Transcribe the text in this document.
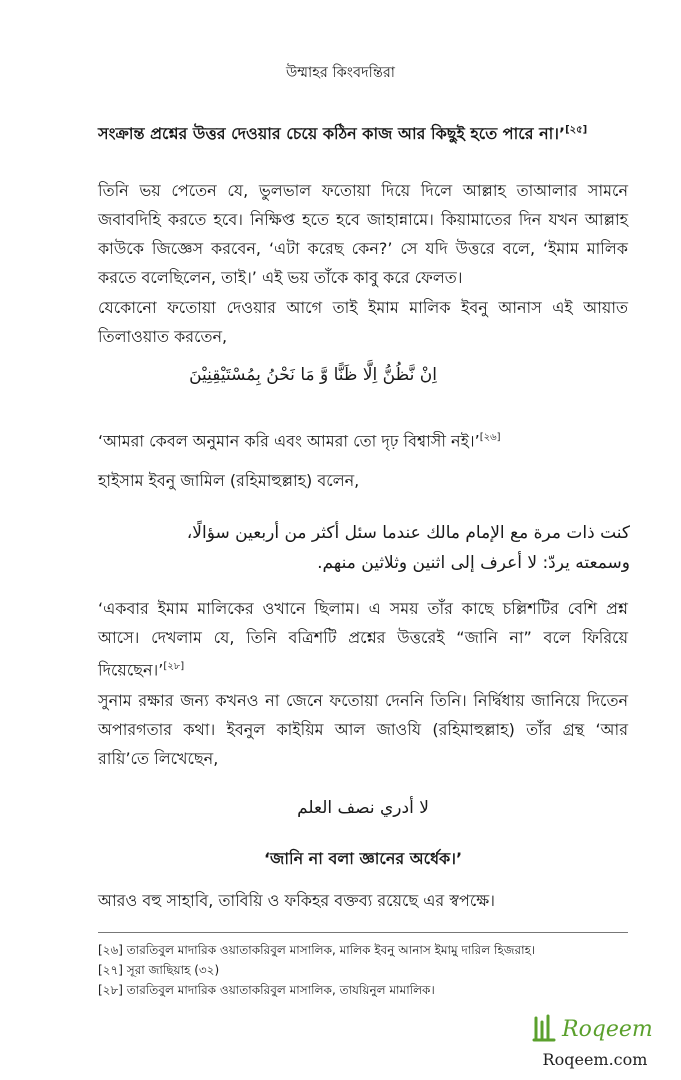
উম্মাহর কিংবদন্তিরা
সংক্রান্ত প্রশ্নের উত্তর দেওয়ার চেয়ে কঠিন কাজ আর কিছুই হতে পারে না।’[২৫]
তিনি ভয় পেতেন যে, ভুলভাল ফতোয়া দিয়ে দিলে আল্লাহ তাআলার সামনে জবাবদিহি করতে হবে। নিক্ষিপ্ত হতে হবে জাহান্নামে। কিয়ামাতের দিন যখন আল্লাহ কাউকে জিজ্ঞেস করবেন, ‘এটা করেছ কেন?’ সে যদি উত্তরে বলে, ‘ইমাম মালিক করতে বলেছিলেন, তাই।’ এই ভয় তাঁকে কাবু করে ফেলত।
যেকোনো ফতোয়া দেওয়ার আগে তাই ইমাম মালিক ইবনু আনাস এই আয়াত তিলাওয়াত করতেন,
اِنْ نَّظُنُّ اِلَّا ظَنًّا وَّ مَا نَحْنُ بِمُسْتَيْقِنِيْنَ
‘আমরা কেবল অনুমান করি এবং আমরা তো দৃঢ় বিশ্বাসী নই।’[২৬]
হাইসাম ইবনু জামিল (রহিমাহুল্লাহ) বলেন,
كنت ذات مرة مع الإمام مالك عندما سئل أكثر من أربعين سؤالًا، وسمعته يردّ: لا أعرف إلى اثنين وثلاثين منهم.
‘একবার ইমাম মালিকের ওখানে ছিলাম। এ সময় তাঁর কাছে চল্লিশটির বেশি প্রশ্ন আসে। দেখলাম যে, তিনি বত্রিশটি প্রশ্নের উত্তরেই “জানি না” বলে ফিরিয়ে দিয়েছেন।’[২৮]
সুনাম রক্ষার জন্য কখনও না জেনে ফতোয়া দেননি তিনি। নির্দ্বিধায় জানিয়ে দিতেন অপারগতার কথা। ইবনুল কাইয়িম আল জাওযি (রহিমাহুল্লাহ) তাঁর গ্রন্থ ‘আর রায়ি’তে লিখেছেন,
لا أدري نصف العلم
‘জানি না বলা জ্ঞানের অর্ধেক।’
আরও বহু সাহাবি, তাবিয়ি ও ফকিহর বক্তব্য রয়েছে এর স্বপক্ষে।
[২৬] তারতিবুল মাদারিক ওয়াতাকরিবুল মাসালিক, মালিক ইবনু আনাস ইমামু দারিল হিজরাহ।
[২৭] সূরা জাছিয়াহ (৩২)
[২৮] তারতিবুল মাদারিক ওয়াতাকরিবুল মাসালিক, তাযয়িনুল মামালিক।
Roqeem
Roqeem.com
